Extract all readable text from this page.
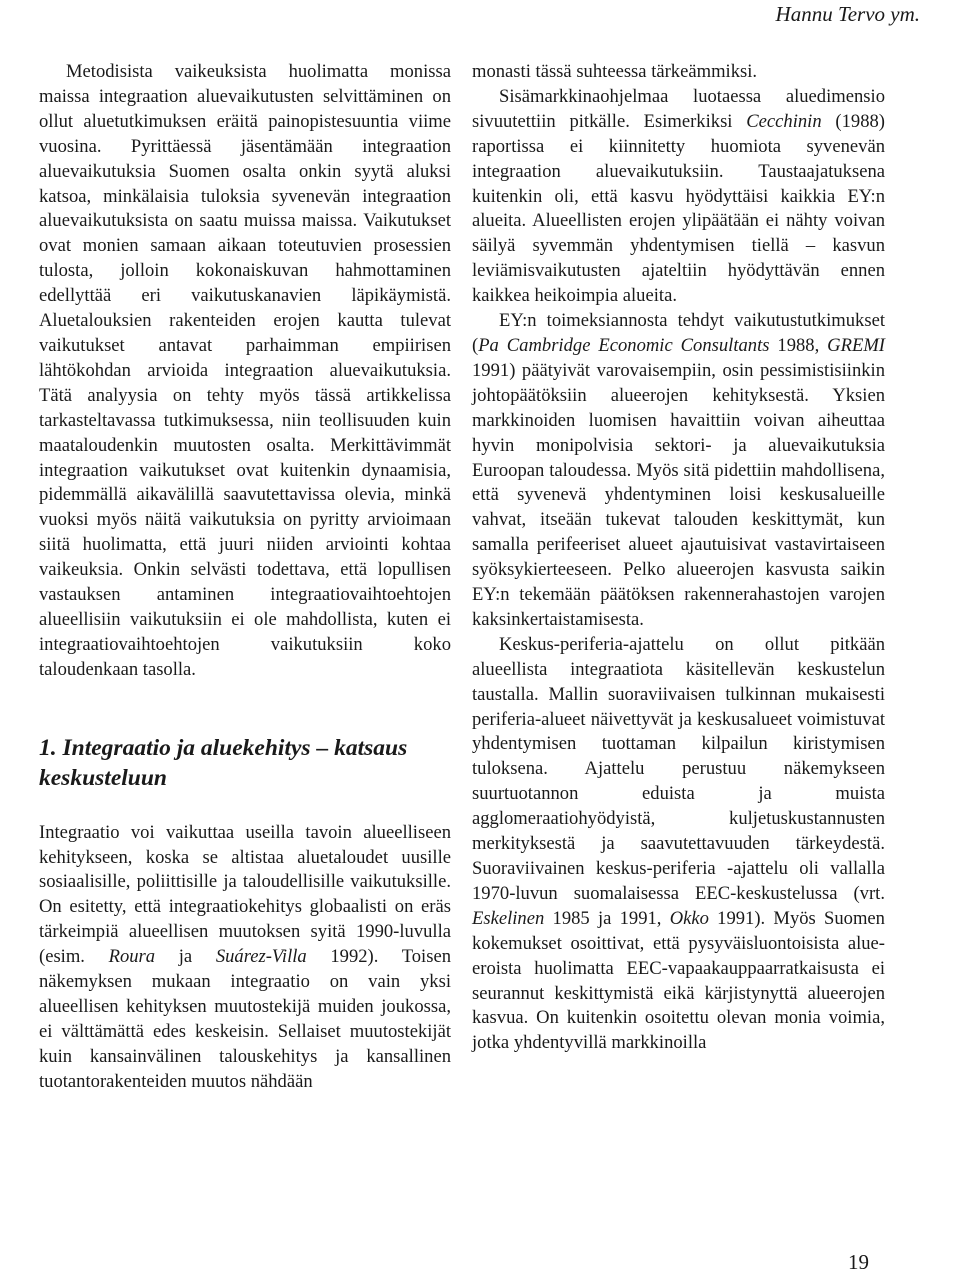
Hannu Tervo ym.

Metodisista vaikeuksista huolimatta monissa maissa integraation aluevaikutusten selvittäminen on ollut aluetutkimuksen eräitä painopistesuuntia viime vuosina. Pyrittäessä jäsentämään integraation aluevaikutuksia Suomen osalta onkin syytä aluksi katsoa, minkälaisia tuloksia syvenevän integraation aluevaikutuksista on saatu muissa maissa. Vaikutukset ovat monien samaan aikaan toteutuvien prosessien tulosta, jolloin kokonaiskuvan hahmottaminen edellyttää eri vaikutuskanavien läpikäymistä. Aluetalouksien rakenteiden erojen kautta tulevat vaikutukset antavat parhaimman empiirisen lähtökohdan arvioida integraation aluevaikutuksia. Tätä analyysia on tehty myös tässä artikkelissa tarkasteltavassa tutkimuksessa, niin teollisuuden kuin maataloudenkin muutosten osalta. Merkittävimmät integraation vaikutukset ovat kuitenkin dynaamisia, pidemmällä aikavälillä saavutettavissa olevia, minkä vuoksi myös näitä vaikutuksia on pyritty arvioimaan siitä huolimatta, että juuri niiden arviointi kohtaa vaikeuksia. Onkin selvästi todettava, että lopullisen vastauksen antaminen integraatiovaihtoehtojen alueellisiin vaikutuksiin ei ole mahdollista, kuten ei integraatiovaihtoehtojen vaikutuksiin koko taloudenkaan tasolla.

1. Integraatio ja aluekehitys – katsaus keskusteluun

Integraatio voi vaikuttaa useilla tavoin alueelliseen kehitykseen, koska se altistaa aluetaloudet uusille sosiaalisille, poliittisille ja taloudellisille vaikutuksille. On esitetty, että integraatiokehitys globaalisti on eräs tärkeimpiä alueellisen muutoksen syitä 1990-luvulla (esim. Roura ja Suárez-Villa 1992). Toisen näkemyksen mukaan integraatio on vain yksi alueellisen kehityksen muutostekijä muiden joukossa, ei välttämättä edes keskeisin. Sellaiset muutostekijät kuin kansainvälinen talouskehitys ja kansallinen tuotantorakenteiden muutos nähdään

monasti tässä suhteessa tärkeämmiksi.

Sisämarkkinaohjelmaa luotaessa aluedimensio sivuutettiin pitkälle. Esimerkiksi Cecchinin (1988) raportissa ei kiinnitetty huomiota syvenevän integraation aluevaikutuksiin. Taustaajatuksena kuitenkin oli, että kasvu hyödyttäisi kaikkia EY:n alueita. Alueellisten erojen ylipäätään ei nähty voivan säilyä syvemmän yhdentymisen tiellä – kasvun leviämisvaikutusten ajateltiin hyödyttävän ennen kaikkea heikoimpia alueita.

EY:n toimeksiannosta tehdyt vaikutustutkimukset (Pa Cambridge Economic Consultants 1988, GREMI 1991) päätyivät varovaisempiin, osin pessimistisiinkin johtopäätöksiin alueerojen kehityksestä. Yksien markkinoiden luomisen havaittiin voivan aiheuttaa hyvin monipolvisia sektori- ja aluevaikutuksia Euroopan taloudessa. Myös sitä pidettiin mahdollisena, että syvenevä yhdentyminen loisi keskusalueille vahvat, itseään tukevat talouden keskittymät, kun samalla perifeeriset alueet ajautuisivat vastavirtaiseen syöksykierteeseen. Pelko alueerojen kasvusta saikin EY:n tekemään päätöksen rakennerahastojen varojen kaksinkertaistamisesta.

Keskus-periferia-ajattelu on ollut pitkään alueellista integraatiota käsitellevän keskustelun taustalla. Mallin suoraviivaisen tulkinnan mukaisesti periferia-alueet näivettyvät ja keskusalueet voimistuvat yhdentymisen tuottaman kilpailun kiristymisen tuloksena. Ajattelu perustuu näkemykseen suurtuotannon eduista ja muista agglomeraatiohyödyistä, kuljetuskustannusten merkityksestä ja saavutettavuuden tärkeydestä. Suoraviivainen keskus-periferia -ajattelu oli vallalla 1970-luvun suomalaisessa EEC-keskustelussa (vrt. Eskelinen 1985 ja 1991, Okko 1991). Myös Suomen kokemukset osoittivat, että pysyväisluontoisista alue-eroista huolimatta EEC-vapaakauppaarratkaisusta ei seurannut keskittymistä eikä kärjistynyttä alueerojen kasvua. On kuitenkin osoitettu olevan monia voimia, jotka yhdentyvillä markkinoilla

19
